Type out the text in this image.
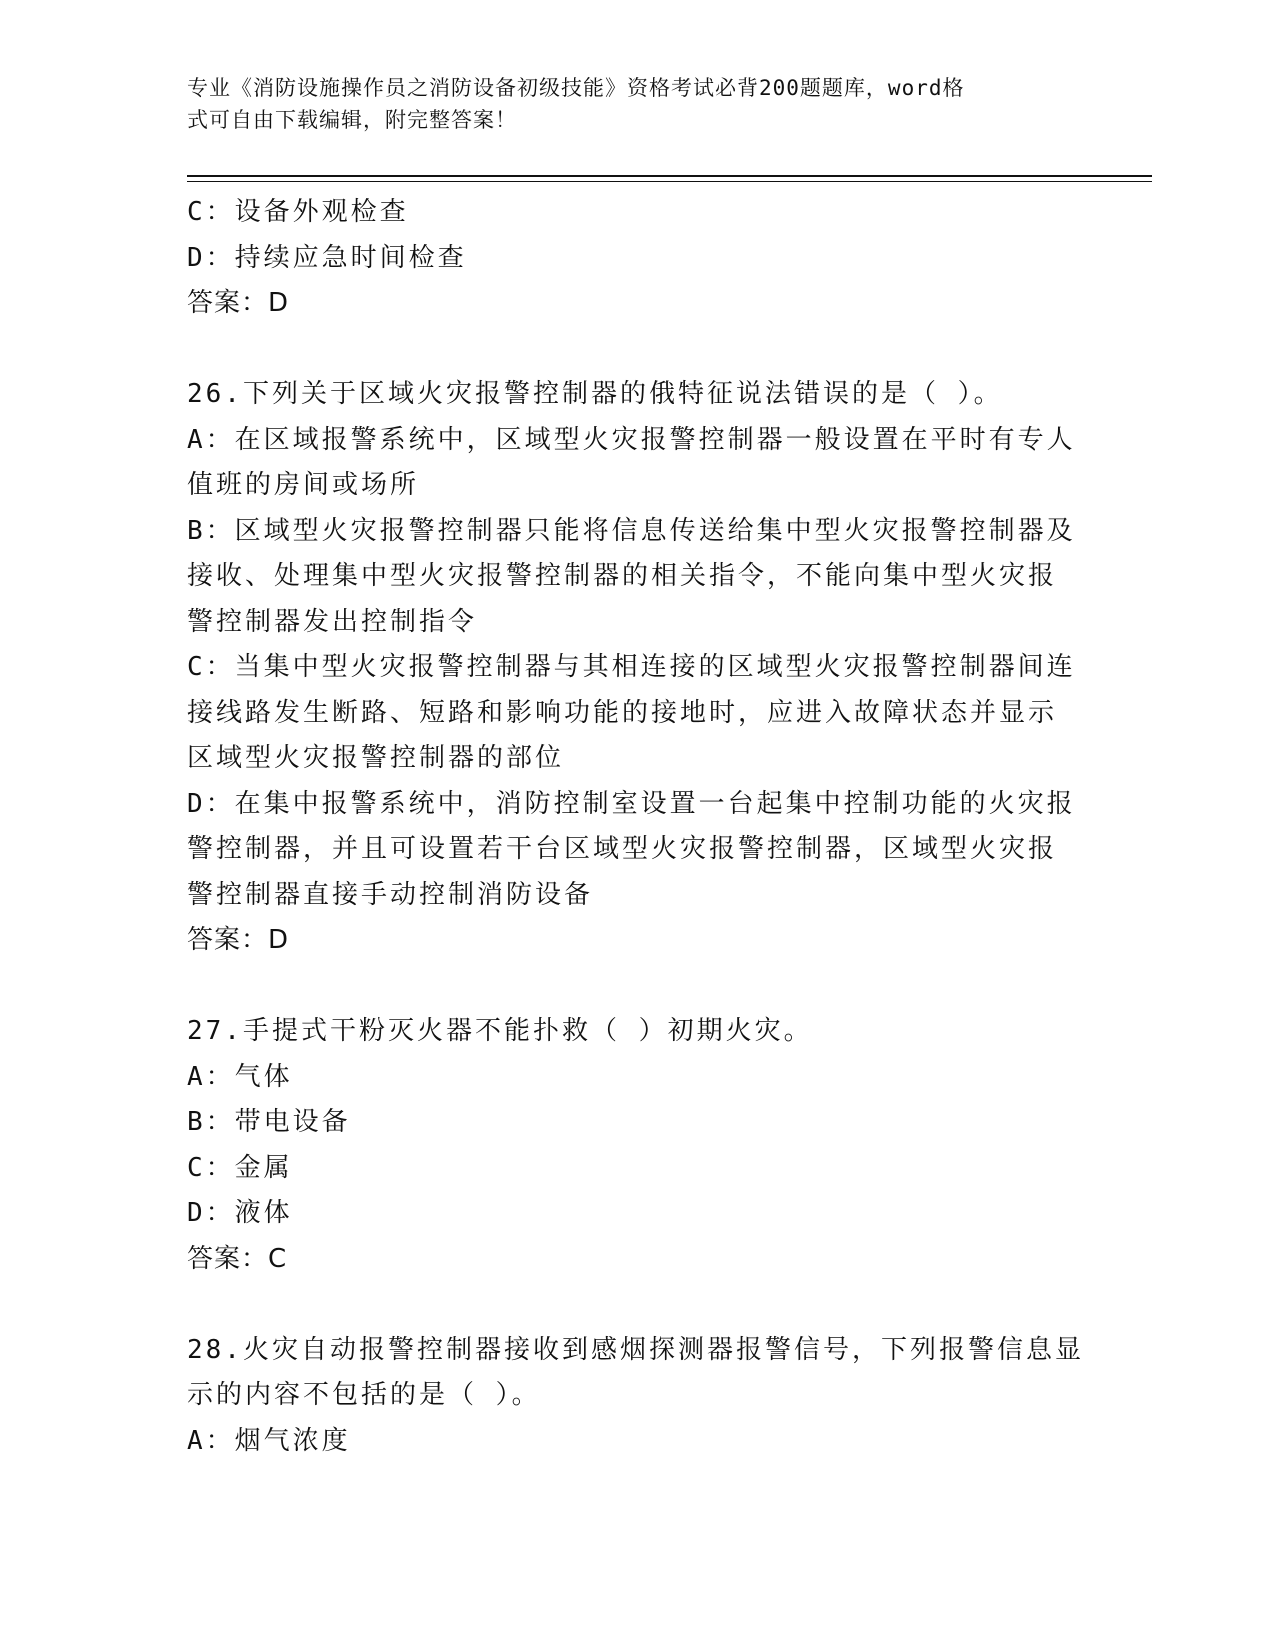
专业《消防设施操作员之消防设备初级技能》资格考试必背200题题库，word格
式可自由下载编辑，附完整答案！
C：设备外观检查
D：持续应急时间检查
答案：D
26.下列关于区域火灾报警控制器的俄特征说法错误的是（ ）。
A：在区域报警系统中，区域型火灾报警控制器一般设置在平时有专人
值班的房间或场所
B：区域型火灾报警控制器只能将信息传送给集中型火灾报警控制器及
接收、处理集中型火灾报警控制器的相关指令，不能向集中型火灾报
警控制器发出控制指令
C：当集中型火灾报警控制器与其相连接的区域型火灾报警控制器间连
接线路发生断路、短路和影响功能的接地时，应进入故障状态并显示
区域型火灾报警控制器的部位
D：在集中报警系统中，消防控制室设置一台起集中控制功能的火灾报
警控制器，并且可设置若干台区域型火灾报警控制器，区域型火灾报
警控制器直接手动控制消防设备
答案：D
27.手提式干粉灭火器不能扑救（ ）初期火灾。
A：气体
B：带电设备
C：金属
D：液体
答案：C
28.火灾自动报警控制器接收到感烟探测器报警信号，下列报警信息显
示的内容不包括的是（ ）。
A：烟气浓度
